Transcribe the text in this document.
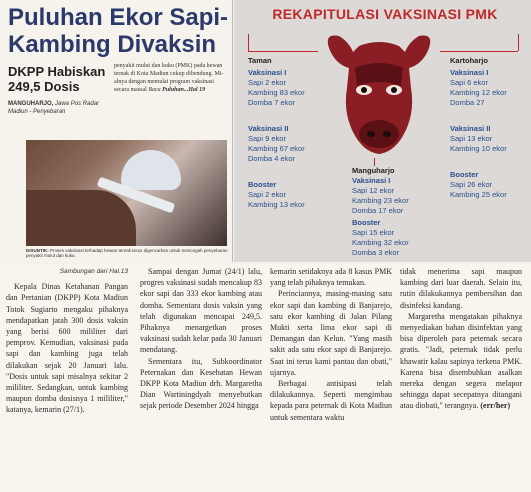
Puluhan Ekor Sapi-Kambing Divaksin
DKPP Habiskan 249,5 Dosis
MANGUHARJO, Jawa Pos Radar Madiun - Penyebaran
penyakit mulut dan kuku (PMK) pada hewan ternak di Kota Madiun cukup dibendung. Mi-alnya dengan memulai program vaksinasi secara massal Baca Puluhan...Hal 19
DISUNTIK: Proses vaksinasi terhadap hewan ternak terus digencarkan untuk mencegah penyebaran penyakit mulut dan kuku.
REKAPITULASI VAKSINASI PMK
Taman
Vaksinasi I
Sapi 2 ekor
Kambing 83 ekor
Domba 7 ekor
Vaksinasi II
Sapi 9 ekor
Kambing 67 ekor
Domba 4 ekor
Booster
Sapi 2 ekor
Kambing 13 ekor
Kartoharjo
Vaksinasi I
Sapi 6 ekor
Kambing 12 ekor
Domba 27
Vaksinasi II
Sapi 13 ekor
Kambing 10 ekor
Booster
Sapi 26 ekor
Kambing 25 ekor
Manguharjo
Vaksinasi I
Sapi 12 ekor
Kambing 23 ekor
Domba 17 ekor
Booster
Sapi 15 ekor
Kambing 32 ekor
Domba 3 ekor
Sambungan dari Hal.13

Kepala Dinas Ketahanan Pangan dan Pertanian (DKPP) Kota Madiun Totok Sugiarto mengaku pihaknya mendapatkan jatah 300 dosis vaksin yang berisi 600 mililiter dari pemprov. Kemudian, vaksinasi pada sapi dan kambing juga telah dilakukan sejak 20 Januari lalu. "Dosis untuk sapi misalnya sekitar 2 mililiter. Sedangkan, untuk kambing maupun domba dosisnya 1 mililiter," katanya, kemarin (27/1).

Sampai dengan Jumat (24/1) lalu, progres vaksinasi sudah mencakup 83 ekor sapi dan 333 ekor kambing atau domba. Sementara dosis vaksin yang telah digunakan mencapai 249,5. Pihaknya menargetkan proses vaksinasi sudah kelar pada 30 Januari mendatang.

Sementara itu, Subkoordinator Peternakan dan Kesehatan Hewan DKPP Kota Madiun drh. Margaretha Dian Wartiningdyah menyebutkan sejak periode Desember 2024 hingga

kemarin setidaknya ada 8 kasus PMK yang telah pihaknya temukan.

Perinciannya, masing-masing satu ekor sapi dan kambing di Banjarejo, satu ekor kambing di Jalan Pilang Mukti serta lima ekor sapi di Demangan dan Kelun. "Yang masih sakit ada satu ekor sapi di Banjarejo. Saat ini terus kami pantau dan obati," ujarnya.

Berbagai antisipasi telah dilakukannya. Seperti mengimbau kepada para peternak di Kota Madiun untuk sementara waktu

tidak menerima sapi maupun kambing dari luar daerah. Selain itu, rutin dilakukannya pembersihan dan disinfeksi kandang.

Margaretha mengatakan pihaknya menyediakan bahan disinfektan yang bisa diperoleh para peternak secara gratis. "Jadi, peternak tidak perlu khawatir kalau sapinya terkena PMK. Karena bisa disembuhkan asalkan mereka dengan segera melapor sehingga dapat secepatnya ditangani atau diobati," terangnya. (err/her)
